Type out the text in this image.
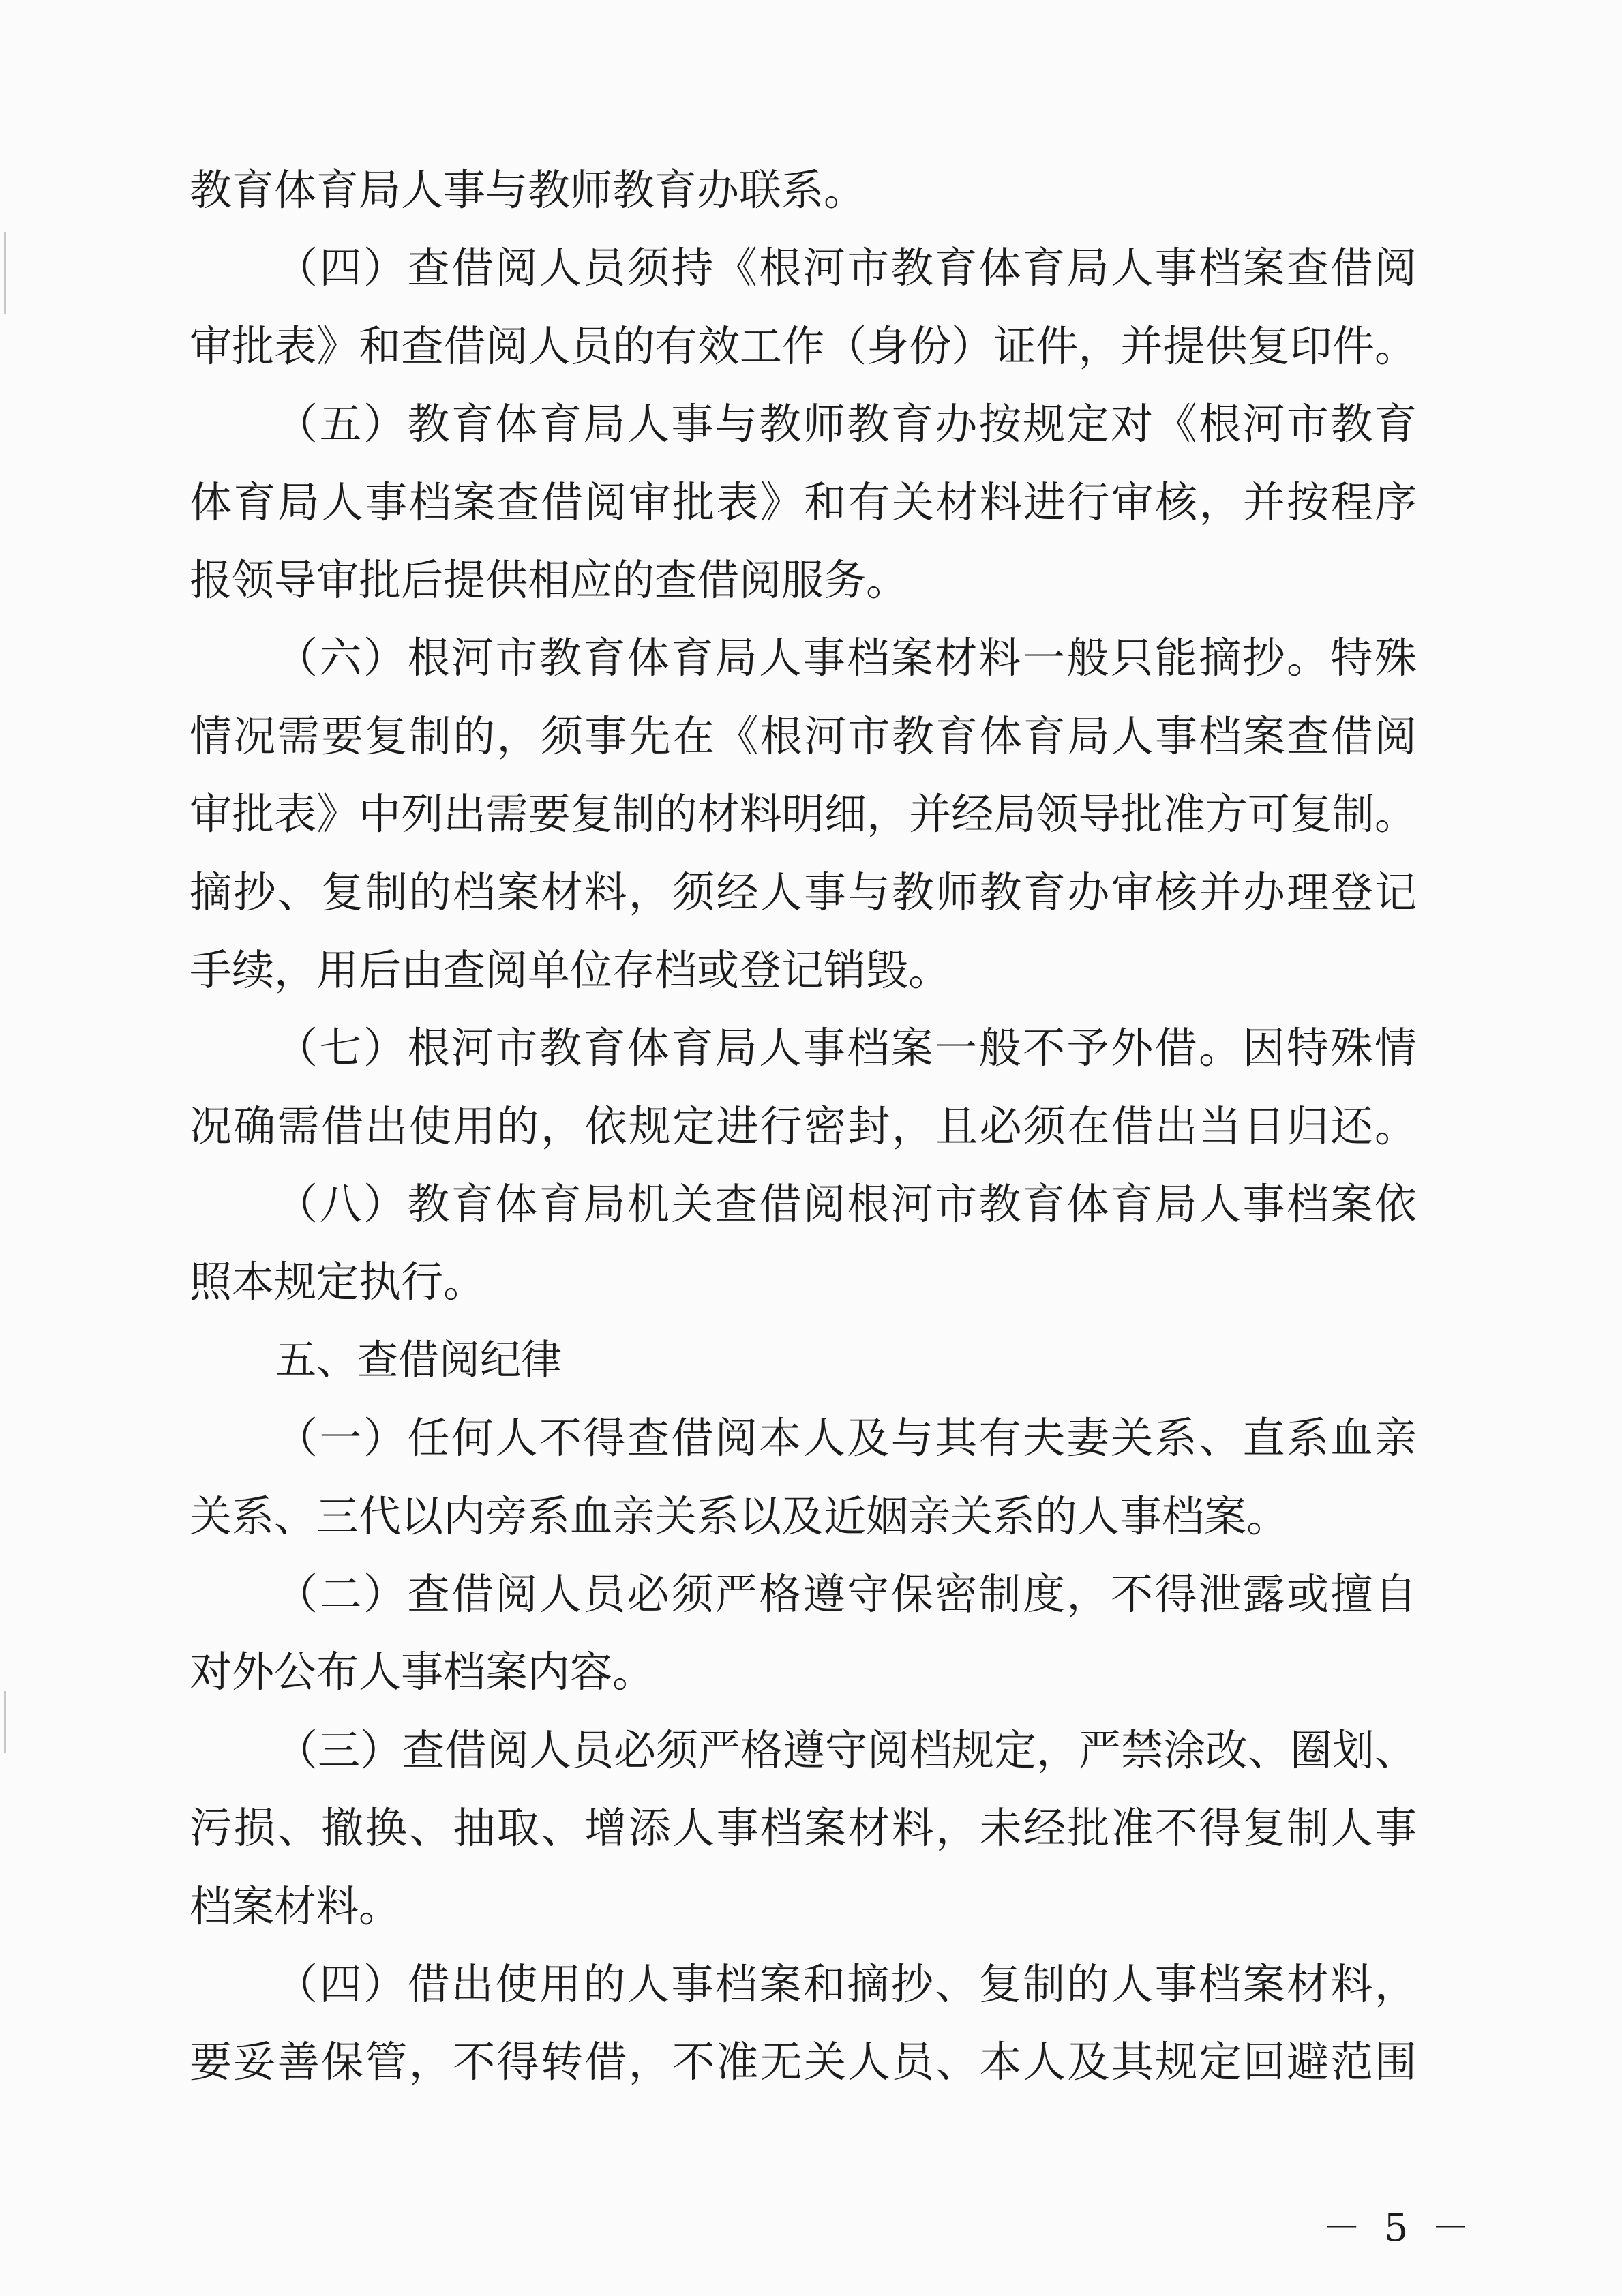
教育体育局人事与教师教育办联系。
（四）查借阅人员须持《根河市教育体育局人事档案查借阅
审批表》和查借阅人员的有效工作（身份）证件，并提供复印件。
（五）教育体育局人事与教师教育办按规定对《根河市教育
体育局人事档案查借阅审批表》和有关材料进行审核，并按程序
报领导审批后提供相应的查借阅服务。
（六）根河市教育体育局人事档案材料一般只能摘抄。特殊
情况需要复制的，须事先在《根河市教育体育局人事档案查借阅
审批表》中列出需要复制的材料明细，并经局领导批准方可复制。
摘抄、复制的档案材料，须经人事与教师教育办审核并办理登记
手续，用后由查阅单位存档或登记销毁。
（七）根河市教育体育局人事档案一般不予外借。因特殊情
况确需借出使用的，依规定进行密封，且必须在借出当日归还。
（八）教育体育局机关查借阅根河市教育体育局人事档案依
照本规定执行。
五、查借阅纪律
（一）任何人不得查借阅本人及与其有夫妻关系、直系血亲
关系、三代以内旁系血亲关系以及近姻亲关系的人事档案。
（二）查借阅人员必须严格遵守保密制度，不得泄露或擅自
对外公布人事档案内容。
（三）查借阅人员必须严格遵守阅档规定，严禁涂改、圈划、
污损、撤换、抽取、增添人事档案材料，未经批准不得复制人事
档案材料。
（四）借出使用的人事档案和摘抄、复制的人事档案材料，
要妥善保管，不得转借，不准无关人员、本人及其规定回避范围
－ 5 －
